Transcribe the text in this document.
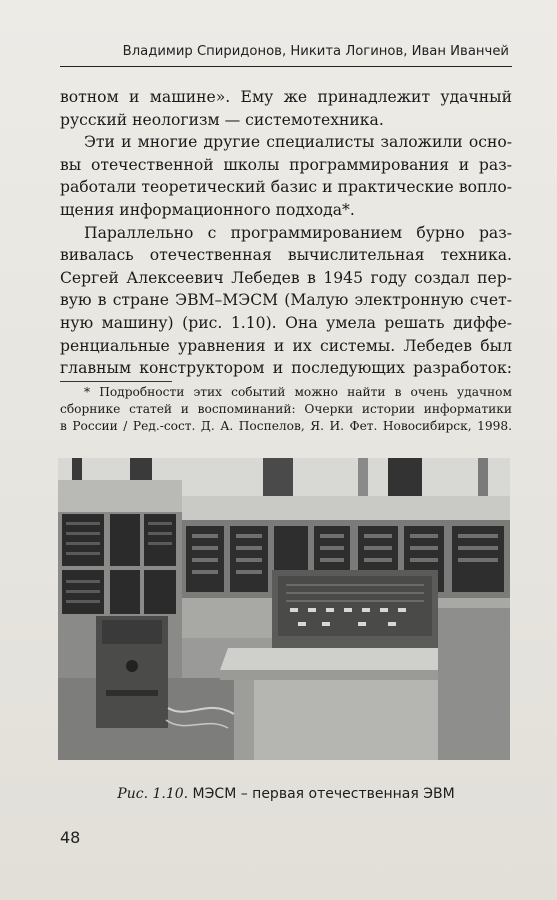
Владимир Спиридонов, Никита Логинов, Иван Иванчей
вотном и машине». Ему же принадлежит удачный
русский неологизм — системотехника.
Эти и многие другие специалисты заложили осно-
вы отечественной школы программирования и раз-
работали теоретический базис и практические вопло-
щения информационного подхода*.
Параллельно с программированием бурно раз-
вивалась отечественная вычислительная техника.
Сергей Алексеевич Лебедев в 1945 году создал пер-
вую в стране ЭВМ–МЭСМ (Малую электронную счет-
ную машину) (рис. 1.10). Она умела решать диффе-
ренциальные уравнения и их системы. Лебедев был
главным конструктором и последующих разработок:
* Подробности этих событий можно найти в очень удачном
сборнике статей и воспоминаний: Очерки истории информатики
в России / Ред.-сост. Д. А. Поспелов, Я. И. Фет. Новосибирск, 1998.
Рис. 1.10. МЭСМ – первая отечественная ЭВМ
48
